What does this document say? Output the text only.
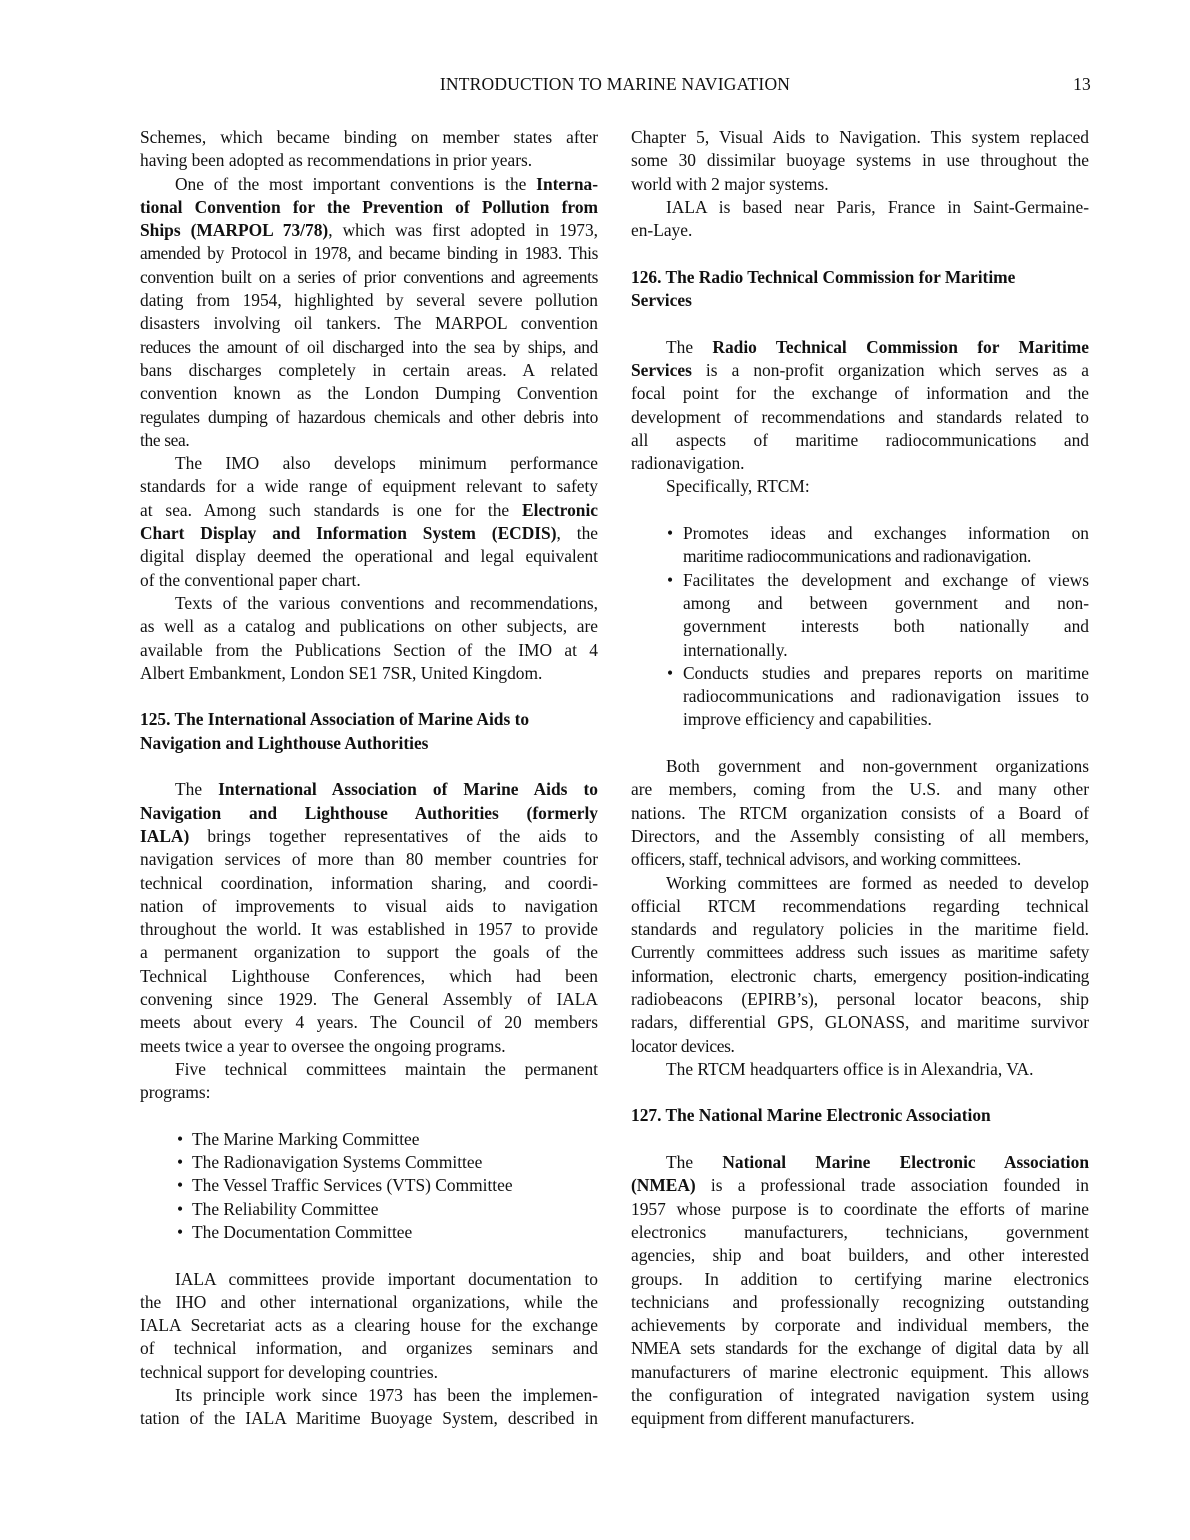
INTRODUCTION TO MARINE NAVIGATION	13
Schemes, which became binding on member states after
having been adopted as recommendations in prior years.
One of the most important conventions is the Interna-
tional Convention for the Prevention of Pollution from
Ships (MARPOL 73/78), which was first adopted in 1973,
amended by Protocol in 1978, and became binding in 1983. This
convention built on a series of prior conventions and agreements
dating from 1954, highlighted by several severe pollution
disasters involving oil tankers. The MARPOL convention
reduces the amount of oil discharged into the sea by ships, and
bans discharges completely in certain areas. A related
convention known as the London Dumping Convention
regulates dumping of hazardous chemicals and other debris into
the sea.
The IMO also develops minimum performance
standards for a wide range of equipment relevant to safety
at sea. Among such standards is one for the Electronic
Chart Display and Information System (ECDIS), the
digital display deemed the operational and legal equivalent
of the conventional paper chart.
Texts of the various conventions and recommendations,
as well as a catalog and publications on other subjects, are
available from the Publications Section of the IMO at 4
Albert Embankment, London SE1 7SR, United Kingdom.
125. The International Association of Marine Aids to
Navigation and Lighthouse Authorities
The International Association of Marine Aids to
Navigation and Lighthouse Authorities (formerly
IALA) brings together representatives of the aids to
navigation services of more than 80 member countries for
technical coordination, information sharing, and coordi-
nation of improvements to visual aids to navigation
throughout the world. It was established in 1957 to provide
a permanent organization to support the goals of the
Technical Lighthouse Conferences, which had been
convening since 1929. The General Assembly of IALA
meets about every 4 years. The Council of 20 members
meets twice a year to oversee the ongoing programs.
Five technical committees maintain the permanent
programs:
• The Marine Marking Committee
• The Radionavigation Systems Committee
• The Vessel Traffic Services (VTS) Committee
• The Reliability Committee
• The Documentation Committee
IALA committees provide important documentation to
the IHO and other international organizations, while the
IALA Secretariat acts as a clearing house for the exchange
of technical information, and organizes seminars and
technical support for developing countries.
Its principle work since 1973 has been the implemen-
tation of the IALA Maritime Buoyage System, described in
Chapter 5, Visual Aids to Navigation. This system replaced
some 30 dissimilar buoyage systems in use throughout the
world with 2 major systems.
IALA is based near Paris, France in Saint-Germaine-
en-Laye.
126. The Radio Technical Commission for Maritime
Services
The Radio Technical Commission for Maritime
Services is a non-profit organization which serves as a
focal point for the exchange of information and the
development of recommendations and standards related to
all aspects of maritime radiocommunications and
radionavigation.
Specifically, RTCM:
• Promotes ideas and exchanges information on
maritime radiocommunications and radionavigation.
• Facilitates the development and exchange of views
among and between government and non-
government interests both nationally and
internationally.
• Conducts studies and prepares reports on maritime
radiocommunications and radionavigation issues to
improve efficiency and capabilities.
Both government and non-government organizations
are members, coming from the U.S. and many other
nations. The RTCM organization consists of a Board of
Directors, and the Assembly consisting of all members,
officers, staff, technical advisors, and working committees.
Working committees are formed as needed to develop
official RTCM recommendations regarding technical
standards and regulatory policies in the maritime field.
Currently committees address such issues as maritime safety
information, electronic charts, emergency position-indicating
radiobeacons (EPIRB’s), personal locator beacons, ship
radars, differential GPS, GLONASS, and maritime survivor
locator devices.
The RTCM headquarters office is in Alexandria, VA.
127. The National Marine Electronic Association
The National Marine Electronic Association
(NMEA) is a professional trade association founded in
1957 whose purpose is to coordinate the efforts of marine
electronics manufacturers, technicians, government
agencies, ship and boat builders, and other interested
groups. In addition to certifying marine electronics
technicians and professionally recognizing outstanding
achievements by corporate and individual members, the
NMEA sets standards for the exchange of digital data by all
manufacturers of marine electronic equipment. This allows
the configuration of integrated navigation system using
equipment from different manufacturers.
